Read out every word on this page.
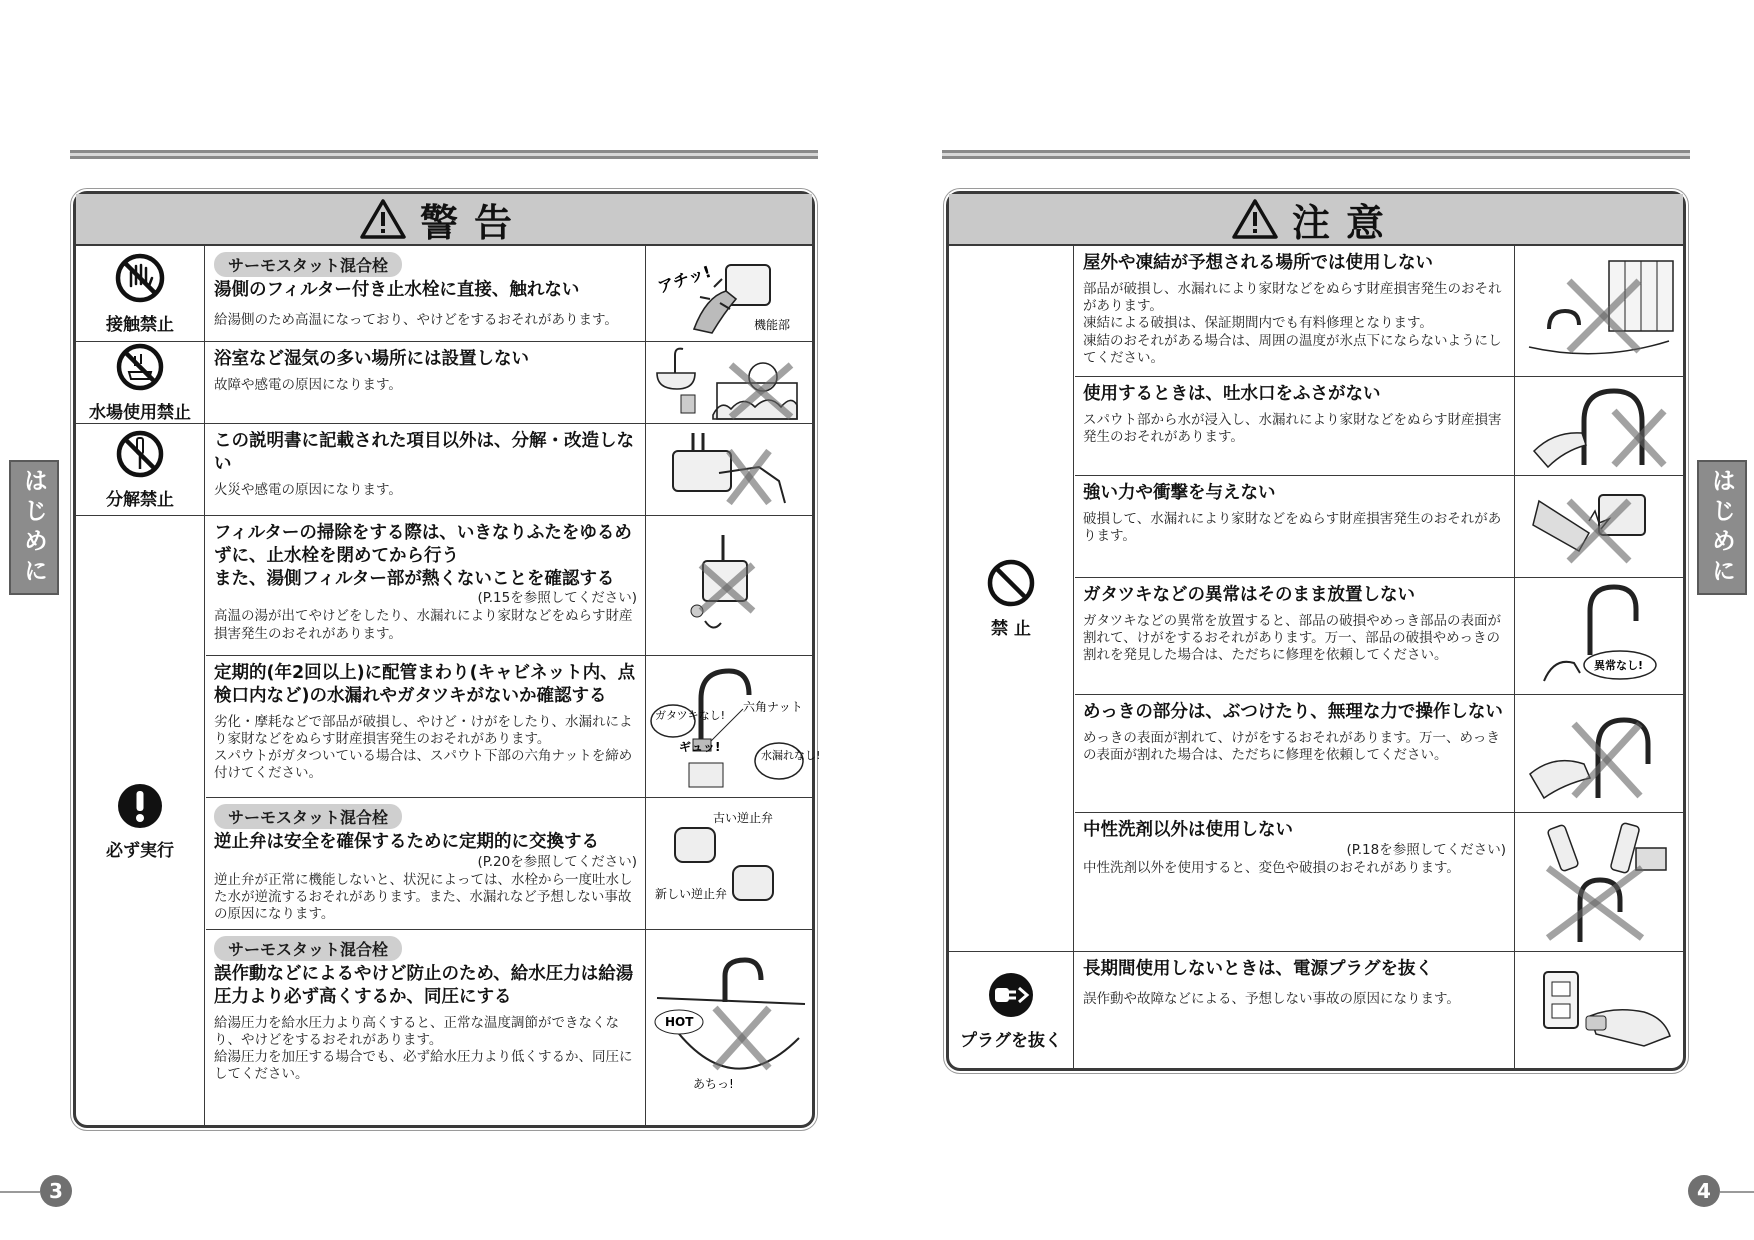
はじめに	はじめに
警告
接触禁止
サーモスタット混合栓
湯側のフィルター付き止水栓に直接、触れない
給湯側のため高温になっており、やけどをするおそれがあります。
アチッ!
機能部
水場使用禁止
浴室など湿気の多い場所には設置しない
故障や感電の原因になります。
分解禁止
この説明書に記載された項目以外は、分解・改造しない
火災や感電の原因になります。
必ず実行
フィルターの掃除をする際は、いきなりふたをゆるめずに、止水栓を閉めてから行う
また、湯側フィルター部が熱くないことを確認する
(P.15を参照してください)
高温の湯が出てやけどをしたり、水漏れにより家財などをぬらす財産損害発生のおそれがあります。
定期的(年2回以上)に配管まわり(キャビネット内、点検口内など)の水漏れやガタツキがないか確認する
劣化・摩耗などで部品が破損し、やけど・けがをしたり、水漏れにより家財などをぬらす財産損害発生のおそれがあります。
スパウトがガタついている場合は、スパウト下部の六角ナットを締め付けてください。
六角ナット
ガタツキなし!
ギュッ!
水漏れなし!
サーモスタット混合栓
逆止弁は安全を確保するために定期的に交換する
(P.20を参照してください)
逆止弁が正常に機能しないと、状況によっては、水栓から一度吐水した水が逆流するおそれがあります。また、水漏れなど予想しない事故の原因になります。
古い逆止弁
新しい逆止弁
サーモスタット混合栓
誤作動などによるやけど防止のため、給水圧力は給湯圧力より必ず高くするか、同圧にする
給湯圧力を給水圧力より高くすると、正常な温度調節ができなくなり、やけどをするおそれがあります。
給湯圧力を加圧する場合でも、必ず給水圧力より低くするか、同圧にしてください。
HOT
あちっ!
注意
禁 止
屋外や凍結が予想される場所では使用しない
部品が破損し、水漏れにより家財などをぬらす財産損害発生のおそれがあります。
凍結による破損は、保証期間内でも有料修理となります。
凍結のおそれがある場合は、周囲の温度が氷点下にならないようにしてください。
使用するときは、吐水口をふさがない
スパウト部から水が浸入し、水漏れにより家財などをぬらす財産損害発生のおそれがあります。
強い力や衝撃を与えない
破損して、水漏れにより家財などをぬらす財産損害発生のおそれがあります。
ガタツキなどの異常はそのまま放置しない
ガタツキなどの異常を放置すると、部品の破損やめっき部品の表面が割れて、けがをするおそれがあります。万一、部品の破損やめっきの割れを発見した場合は、ただちに修理を依頼してください。
異常なし!
めっきの部分は、ぶつけたり、無理な力で操作しない
めっきの表面が割れて、けがをするおそれがあります。万一、めっきの表面が割れた場合は、ただちに修理を依頼してください。
中性洗剤以外は使用しない
(P.18を参照してください)
中性洗剤以外を使用すると、変色や破損のおそれがあります。
プラグを抜く
長期間使用しないときは、電源プラグを抜く
誤作動や故障などによる、予想しない事故の原因になります。
3	4
